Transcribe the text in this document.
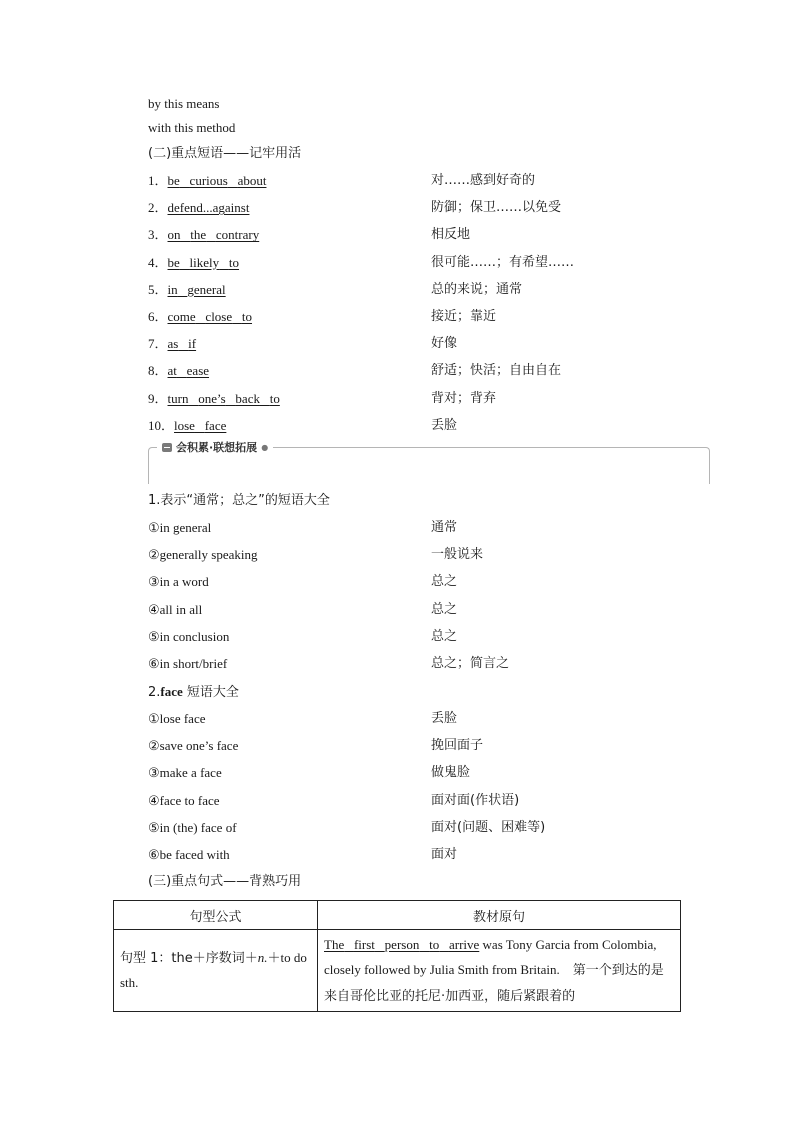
by this means
with this method
(二)重点短语——记牢用活
1．be curious about	对……感到好奇的
2．defend...against	防御；保卫……以免受
3．on the contrary	相反地
4．be likely to	很可能……；有希望……
5．in general	总的来说；通常
6．come close to	接近；靠近
7．as if	好像
8．at ease	舒适；快活；自由自在
9．turn one’s back to	背对；背弃
10．lose face	丢脸
会积累·联想拓展 ●
1.表示“通常；总之”的短语大全
①in general	通常
②generally speaking	一般说来
③in a word	总之
④all in all	总之
⑤in conclusion	总之
⑥in short/brief	总之；简言之
2.face 短语大全
①lose face	丢脸
②save one’s face	挽回面子
③make a face	做鬼脸
④face to face	面对面(作状语)
⑤in (the) face of	面对(问题、困难等)
⑥be faced with	面对
(三)重点句式——背熟巧用
句型公式	教材原句
句型 1：the＋序数词＋n.＋to do sth.	The first person to arrive was Tony Garcia from Colombia, closely followed by Julia Smith from Britain. 第一个到达的是来自哥伦比亚的托尼·加西亚，随后紧跟着的
